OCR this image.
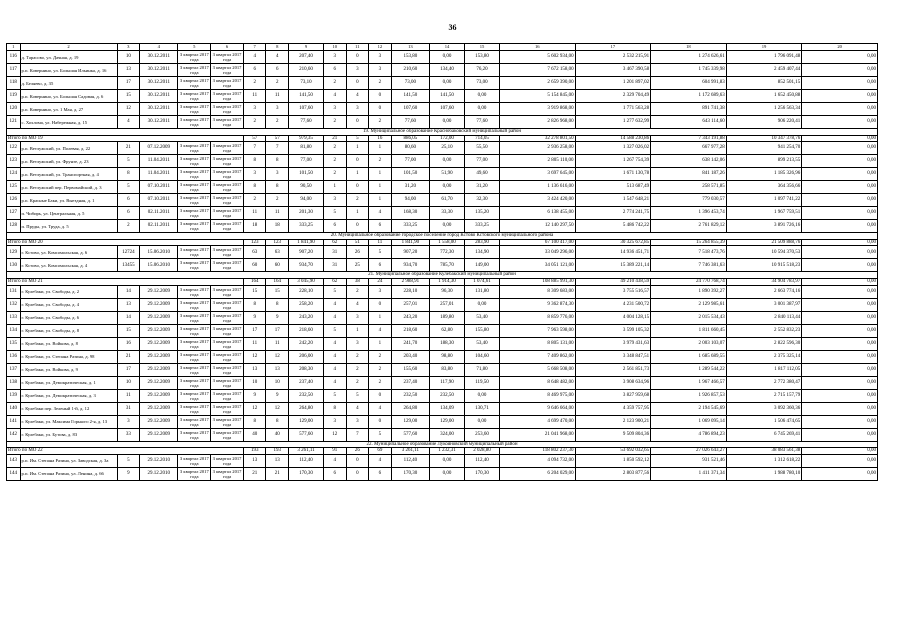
36
1	2	3	4	5	6	7	8	9	10	11	12	13	14	15	16	17	18	19	20
116	д. Тарасово, ул. Дачная, д. 19	10	30.12.2011	3 квартал 2017 года	3 квартал 2017 года	4	4	207,40	3	0	3	153,80	0,00	153,80	5 602 934,00	2 532 215,91	1 274 626,61	1 796 091,48	0,00
117	р.п. Ковернино, ул. Большая Ильинка, д. 16	13	30.12.2011	3 квартал 2017 года	3 квартал 2017 года	6	6	210,60	6	3	3	210,60	134,40	76,20	7 672 158,00	3 467 390,58	1 745 339,98	2 459 407,44	0,00
118	д. Беляево, д. 35	17	30.12.2011	3 квартал 2017 года	3 квартал 2017 года	2	2	73,10	2	0	2	73,00	0,00	73,00	2 659 390,00	1 201 897,02	604 991,83	852 501,15	0,00
119	р.п. Ковернино, ул. Большая Садовая, д. 6	15	30.12.2011	3 квартал 2017 года	3 квартал 2017 года	11	11	141,50	4	4	0	141,50	141,50	0,00	5 154 845,00	2 329 704,49	1 172 689,63	1 652 450,88	0,00
120	р.п. Ковернино, ул. 1 Мая, д. 27	12	30.12.2011	3 квартал 2017 года	3 квартал 2017 года	3	3	107,60	3	3	0	107,60	107,60	0,00	3 919 868,00	1 771 563,28	891 741,38	1 256 563,34	0,00
121	с. Хохлома, ул. Набережная, д. 15	4	30.12.2011	3 квартал 2017 года	3 квартал 2017 года	2	2	77,60	2	0	2	77,60	0,00	77,60	2 826 968,00	1 277 632,99	643 114,60	906 220,41	0,00
19. Муниципальное образование Краснобаковский муниципальный район																			
Итого по МО 19						57	57	979,35	21	5	16	886,05	172,00	714,05	32 278 801,50	14 588 230,86	7 343 191,88	10 347 378,76	0,00
122	р.п. Ветлужский, ул. Полевая, д. 22	21	07.12.2009	3 квартал 2017 года	3 квартал 2017 года	7	7	81,80	2	1	1	80,60	25,10	55,50	2 936 258,00	1 327 026,02	667 977,28	941 254,70	0,00
123	р.п. Ветлужский, ул. Фрунзе, д. 23	5	11.04.2011	3 квартал 2017 года	3 квартал 2017 года	8	8	77,00	2	0	2	77,00	0,00	77,00	2 805 110,00	1 267 754,39	638 142,06	899 213,55	0,00
124	р.п. Ветлужский, ул. Транспортная, д. 4	8	11.04.2011	3 квартал 2017 года	3 квартал 2017 года	3	3	101,50	2	1	1	101,50	51,90	49,60	3 697 645,00	1 671 130,78	841 187,26	1 185 326,96	0,00
125	р.п. Ветлужский пер. Первомайский, д. 3	5	07.10.2011	3 квартал 2017 года	3 квартал 2017 года	8	8	90,50	1	0	1	31,20	0,00	31,20	1 136 616,00	513 687,49	258 571,85	364 356,66	0,00
126	р.п. Красные Баки, ул. Выездная, д. 1	6	07.10.2011	3 квартал 2017 года	3 квартал 2017 года	2	2	94,00	3	2	1	94,00	61,70	32,30	3 424 420,00	1 547 648,21	779 030,57	1 097 741,22	0,00
127	п. Чибирь, ул. Центральная, д. 5	6	02.11.2011	3 квартал 2017 года	3 квартал 2017 года	11	11	201,30	5	1	4	168,30	33,30	135,20	6 138 455,00	2 774 241,75	1 396 453,74	1 967 759,51	0,00
128	п. Пруды, ул. Труда, д. 5	2	02.11.2011	3 квартал 2017 года	3 квартал 2017 года	18	18	333,25	6	0	6	333,25	0,00	333,25	12 140 297,50	5 486 742,22	2 761 829,12	3 891 726,16	0,00
20. Муниципальное образование городское поселение город Кстово Кстовского муниципального района																			
Итого по МО 20						123	123	1 841,90	62	51	11	1 841,90	1 558,00	283,90	67 100 417,00	30 325 672,85	15 264 855,39	21 509 888,76	0,00
129	г. Кстово, ул. Комсомольская, д. 6	12724	15.06.2010	3 квартал 2017 года	3 квартал 2017 года	63	63	907,20	31	26	5	907,20	772,30	134,90	33 049 296,00	14 936 451,71	7 518 473,76	10 594 370,53	0,00
130	г. Кстово, ул. Комсомольская, д. 4	13455	15.06.2010	3 квартал 2017 года	3 квартал 2017 года	60	60	934,70	31	25	6	934,70	785,70	149,00	34 051 121,00	15 389 221,14	7 746 381,63	10 915 518,23	0,00
21. Муниципальное образование Кулебакский муниципальный район																			
Итого по МО 21						164	164	3 045,90	62	38	24	2 988,91	1 914,30	1 074,61	108 885 991,30	49 210 438,59	24 770 768,74	34 904 783,97	0,00
131	г. Кулебаки, ул. Свободы, д. 2	14	29.12.2009	3 квартал 2017 года	3 квартал 2017 года	15	15	228,10	5	2	3	228,10	96,30	131,80	8 309 683,00	3 755 516,57	1 890 392,27	2 663 774,16	0,00
132	г. Кулебаки, ул. Свободы, д. 4	13	29.12.2009	3 квартал 2017 года	3 квартал 2017 года	8	8	258,20	4	4	0	257,01	257,01	0,00	9 362 874,30	4 231 500,72	2 129 985,61	3 001 387,97	0,00
133	г. Кулебаки, ул. Свободы, д. 6	14	29.12.2009	3 квартал 2017 года	3 квартал 2017 года	9	9	243,20	4	3	1	243,20	189,80	53,40	8 859 776,00	4 004 128,15	2 015 534,43	2 840 113,44	0,00
134	г. Кулебаки, ул. Свободы, д. 8	15	29.12.2009	3 квартал 2017 года	3 квартал 2017 года	17	17	218,60	5	1	4	218,60	62,80	155,80	7 963 598,00	3 599 105,32	1 811 660,45	2 552 832,23	0,00
135	г. Кулебаки, ул. Войкова, д. 8	16	29.12.2009	3 квартал 2017 года	3 квартал 2017 года	11	11	242,20	4	3	1	241,70	188,30	53,40	8 805 131,00	3 979 431,63	2 003 103,07	2 822 596,30	0,00
136	г. Кулебаки, ул. Степана Разина, д. 98	21	29.12.2009	3 квартал 2017 года	3 квартал 2017 года	12	12	206,00	4	2	2	203,40	98,80	104,60	7 409 862,00	3 348 847,51	1 685 689,55	2 375 325,14	0,00
137	г. Кулебаки, ул. Войкова, д. 9	17	29.12.2009	3 квартал 2017 года	3 квартал 2017 года	13	13	208,30	4	2	2	155,60	83,80	71,80	5 668 508,00	2 561 851,73	1 289 544,22	1 817 112,05	0,00
138	г. Кулебаки, ул. Демократическая, д. 1	10	29.12.2009	3 квартал 2017 года	3 квартал 2017 года	10	10	237,40	4	2	2	237,40	117,90	119,50	8 648 482,00	3 908 634,96	1 967 466,57	2 772 380,47	0,00
139	г. Кулебаки, ул. Демократическая, д. 3	11	29.12.2009	3 квартал 2017 года	3 квартал 2017 года	9	9	232,50	5	5	0	232,50	232,50	0,00	8 469 975,00	3 827 959,68	1 926 857,53	2 715 157,79	0,00
140	г. Кулебаки пер. Зеленый 1-й, д. 12	31	29.12.2009	3 квартал 2017 года	3 квартал 2017 года	12	12	264,80	8	4	4	264,80	134,09	130,71	9 646 664,00	4 359 757,95	2 194 545,69	3 092 360,36	0,00
141	г. Кулебаки, ул. Максима Горького 2-я, д. 13	3	29.12.2009	3 квартал 2017 года	3 квартал 2017 года	8	8	129,00	3	3	0	129,00	129,00	0,00	4 699 470,00	2 123 900,21	1 069 095,14	1 506 474,65	0,00
142	г. Кулебаки, ул. Бутова, д. 83	33	29.12.2009	3 квартал 2017 года	3 квартал 2017 года	40	40	577,60	12	7	5	577,60	324,00	253,60	21 041 968,00	9 509 804,36	4 786 894,23	6 745 269,41	0,00
22. Муниципальное образование Лукояновский муниципальный район																			
Итого по МО 22						193	193	3 261,11	91	26	69	3 261,11	1 232,31	2 028,80	118 802 237,30	53 692 032,65	27 026 643,27	38 083 561,38	0,00
143	р.п. Им. Степана Разина, ул. Заводская, д. 3а	5	29.12.2010	3 квартал 2017 года	3 квартал 2017 года	13	13	112,40	4	0	4	112,40	0,00	112,40	4 094 732,00	1 850 592,12	931 521,46	1 312 618,22	0,00
144	р.п. Им. Степана Разина, ул. Ленина, д. 66	9	29.12.2010	3 квартал 2017 года	3 квартал 2017 года	21	21	170,30	6	0	6	170,30	0,00	170,30	6 204 029,00	2 803 877,56	1 411 371,34	1 988 780,10	0,00
